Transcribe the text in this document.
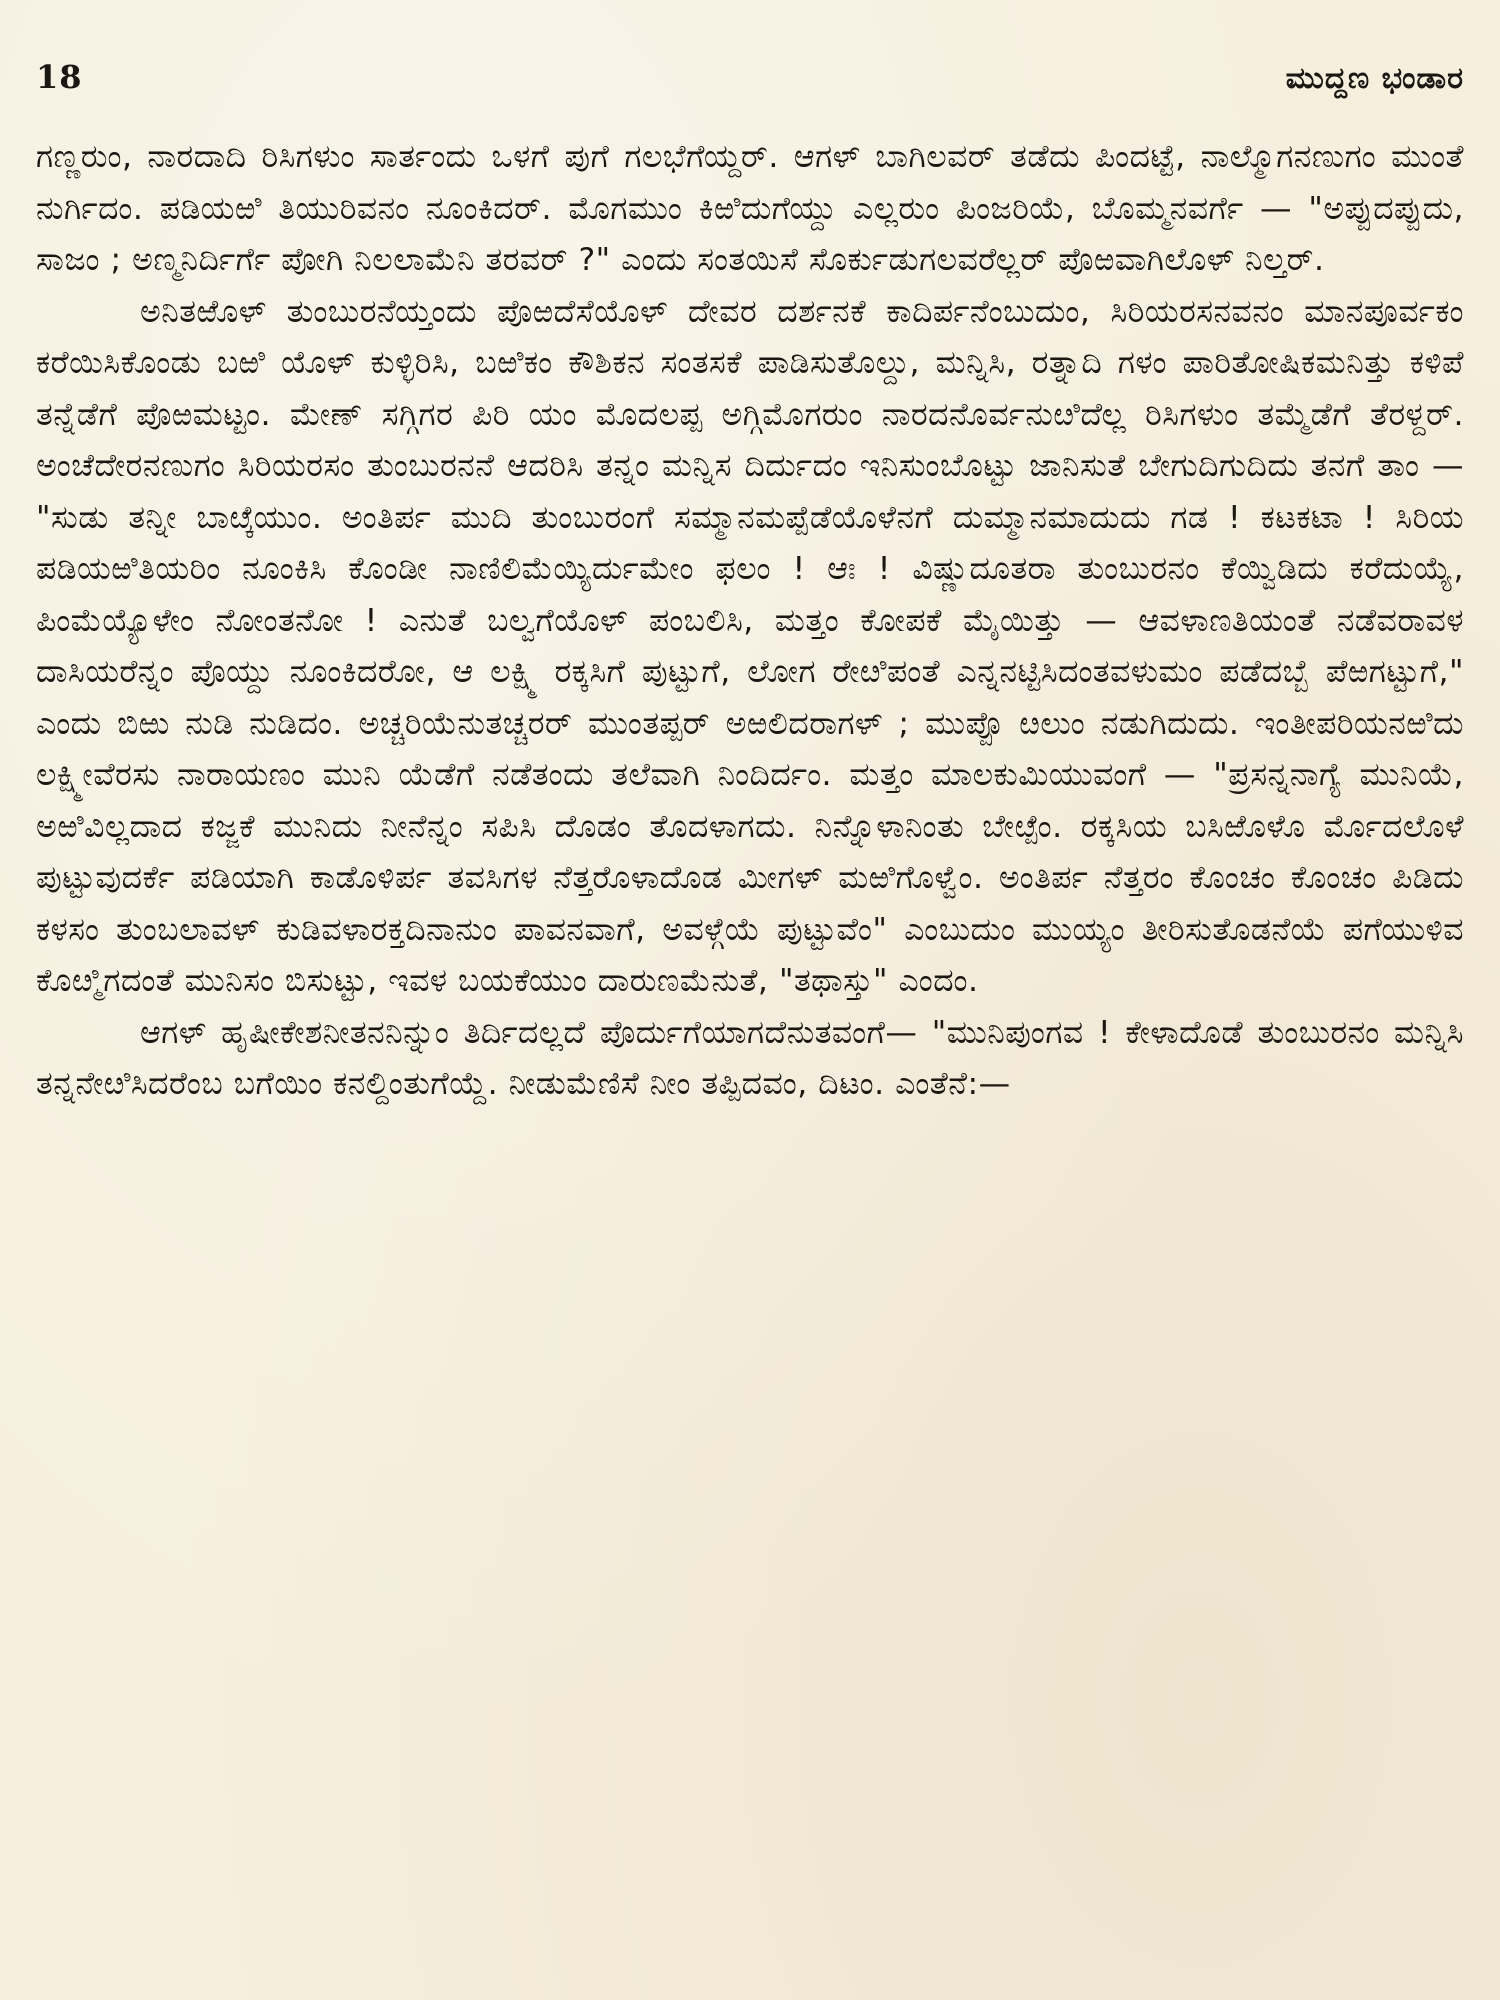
18	ಮುದ್ದಣ ಭಂಡಾರ

ಗಣ್ಣರುಂ, ನಾರದಾದಿ ರಿಸಿಗಳುಂ ಸಾರ್ತಂದು ಒಳಗೆ ಪುಗೆ ಗಲಭೆಗೆಯ್ದರ್. ಆಗಳ್ ಬಾಗಿಲವರ್ ತಡೆದು ಪಿಂದಟ್ಟೆ, ನಾಲ್ಮೊಗನಣುಗಂ ಮುಂತೆ ನುರ್ಗಿದಂ. ಪಡಿಯಱಿ ತಿಯುರಿವನಂ ನೂಂಕಿದರ್. ಮೊಗಮುಂ ಕಿಱಿದುಗೆಯ್ದು ಎಲ್ಲರುಂ ಪಿಂಜರಿಯೆ, ಬೊಮ್ಮನವರ್ಗೆ — "ಅಪ್ಪುದಪ್ಪುದು, ಸಾಜಂ ; ಅಣ್ಮನಿರ್ದಿರ್ಗೆ ಪೋಗಿ ನಿಲಲಾಮೆನಿ ತರವರ್ ?" ಎಂದು ಸಂತಯಿಸೆ ಸೊರ್ಕುಡುಗಲವರೆಲ್ಲರ್ ಪೊಱವಾಗಿಲೊಳ್ ನಿಲ್ತರ್.

ಅನಿತಱೊಳ್ ತುಂಬುರನೆಯ್ತಂದು ಪೊಱದೆಸೆಯೊಳ್ ದೇವರ ದರ್ಶನಕೆ ಕಾದಿರ್ಪನೆಂಬುದುಂ, ಸಿರಿಯರಸನವನಂ ಮಾನಪೂರ್ವಕಂ ಕರೆಯಿಸಿಕೊಂಡು ಬಱಿ ಯೊಳ್ ಕುಳ್ಳಿರಿಸಿ, ಬಱಿಕಂ ಕೌಶಿಕನ ಸಂತಸಕೆ ಪಾಡಿಸುತೊಲ್ದು, ಮನ್ನಿಸಿ, ರತ್ನಾದಿ ಗಳಂ ಪಾರಿತೋಷಿಕಮನಿತ್ತು ಕಳಿಪೆ ತನ್ನೆಡೆಗೆ ಪೊಱಮಟ್ಟಂ. ಮೇಣ್ ಸಗ್ಗಿಗರ ಪಿರಿ ಯಂ ಮೊದಲಪ್ಪ ಅಗ್ಗಿಮೊಗರುಂ ನಾರದನೊರ್ವನುೞಿದೆಲ್ಲ ರಿಸಿಗಳುಂ ತಮ್ಮೆಡೆಗೆ ತೆರಳ್ದರ್. ಅಂಚೆದೇರನಣುಗಂ ಸಿರಿಯರಸಂ ತುಂಬುರನನೆ ಆದರಿಸಿ ತನ್ನಂ ಮನ್ನಿಸ ದಿರ್ದುದಂ ಇನಿಸುಂಬೊಟ್ಟು ಜಾನಿಸುತೆ ಬೇಗುದಿಗುದಿದು ತನಗೆ ತಾಂ — "ಸುಡು ತನ್ನೀ ಬಾೞ್ಕೆಯುಂ. ಅಂತಿರ್ಪ ಮುದಿ ತುಂಬುರಂಗೆ ಸಮ್ಮಾನಮಪ್ಪೆಡೆಯೊಳೆನಗೆ ದುಮ್ಮಾನಮಾದುದು ಗಡ ! ಕಟಕಟಾ ! ಸಿರಿಯ ಪಡಿಯಱಿತಿಯರಿಂ ನೂಂಕಿಸಿ ಕೊಂಡೀ ನಾಣಿಲಿಮೆಯ್ಯಿರ್ದುಮೇಂ ಫಲಂ ! ಆಃ ! ವಿಷ್ಣುದೂತರಾ ತುಂಬುರನಂ ಕೆಯ್ವಿಡಿದು ಕರೆದುಯ್ಯೆ, ಪಿಂಮೆಯ್ಯೊಳೇಂ ನೋಂತನೋ ! ಎನುತೆ ಬಲ್ವಗೆಯೊಳ್ ಪಂಬಲಿಸಿ, ಮತ್ತಂ ಕೋಪಕೆ ಮೈಯಿತ್ತು — ಆವಳಾಣತಿಯಂತೆ ನಡೆವರಾವಳ ದಾಸಿಯರೆನ್ನಂ ಪೊಯ್ದು ನೂಂಕಿದರೋ, ಆ ಲಕ್ಷ್ಮಿ ರಕ್ಕಸಿಗೆ ಪುಟ್ಟುಗೆ, ಲೋಗ ರೇೞಿಪಂತೆ ಎನ್ನನಟ್ಟಿಸಿದಂತವಳುಮಂ ಪಡೆದಬ್ಬೆ ಪೆಱಗಟ್ಟುಗೆ," ಎಂದು ಬಿಱು ನುಡಿ ನುಡಿದಂ. ಅಚ್ಚರಿಯೆನುತಚ್ಚರರ್ ಮುಂತಪ್ಪರ್ ಅಱಲಿದರಾಗಳ್ ; ಮುಪ್ಪೊ ೞಲುಂ ನಡುಗಿದುದು. ಇಂತೀಪರಿಯನಱಿದು ಲಕ್ಷ್ಮೀವೆರಸು ನಾರಾಯಣಂ ಮುನಿ ಯೆಡೆಗೆ ನಡೆತಂದು ತಲೆವಾಗಿ ನಿಂದಿರ್ದಂ. ಮತ್ತಂ ಮಾಲಕುಮಿಯುವಂಗೆ — "ಪ್ರಸನ್ನನಾಗ್ಯೆ ಮುನಿಯೆ, ಅಱಿವಿಲ್ಲದಾದ ಕಜ್ಜಕೆ ಮುನಿದು ನೀನೆನ್ನಂ ಸಪಿಸಿ ದೊಡಂ ತೊದಳಾಗದು. ನಿನ್ನೊಳಾನಿಂತು ಬೇೞ್ಪೆಂ. ರಕ್ಕಸಿಯ ಬಸಿಱೊಳೊ ರ್ಮೊದಲೊಳೆ ಪುಟ್ಟುವುದರ್ಕೆ ಪಡಿಯಾಗಿ ಕಾಡೊಳಿರ್ಪ ತವಸಿಗಳ ನೆತ್ತರೊಳಾದೊಡ ಮೀಗಳ್ ಮಱಿಗೊಳ್ವೆಂ. ಅಂತಿರ್ಪ ನೆತ್ತರಂ ಕೊಂಚಂ ಕೊಂಚಂ ಪಿಡಿದು ಕಳಸಂ ತುಂಬಲಾವಳ್ ಕುಡಿವಳಾರಕ್ತದಿನಾನುಂ ಪಾವನವಾಗೆ, ಅವಳ್ಗೆಯೆ ಪುಟ್ಟುವೆಂ" ಎಂಬುದುಂ ಮುಯ್ಯಂ ತೀರಿಸುತೊಡನೆಯೆ ಪಗೆಯುಳಿವ ಕೊೞ್ಮಿಗದಂತೆ ಮುನಿಸಂ ಬಿಸುಟ್ಟು, ಇವಳ ಬಯಕೆಯುಂ ದಾರುಣಮೆನುತೆ, "ತಥಾಸ್ತು" ಎಂದಂ.

ಆಗಳ್ ಹೃಷೀಕೇಶನೀತನನಿನ್ನುಂ ತಿರ್ದಿದಲ್ಲದೆ ಪೊರ್ದುಗೆಯಾಗದೆನುತವಂಗೆ— "ಮುನಿಪುಂಗವ ! ಕೇಳಾದೊಡೆ ತುಂಬುರನಂ ಮನ್ನಿಸಿ ತನ್ನನೇೞಿಸಿದರೆಂಬ ಬಗೆಯಿಂ ಕನಲ್ದಿಂತುಗೆಯ್ದೆ. ನೀಡುಮೆಣಿಸೆ ನೀಂ ತಪ್ಪಿದವಂ, ದಿಟಂ. ಎಂತೆನೆ:—
